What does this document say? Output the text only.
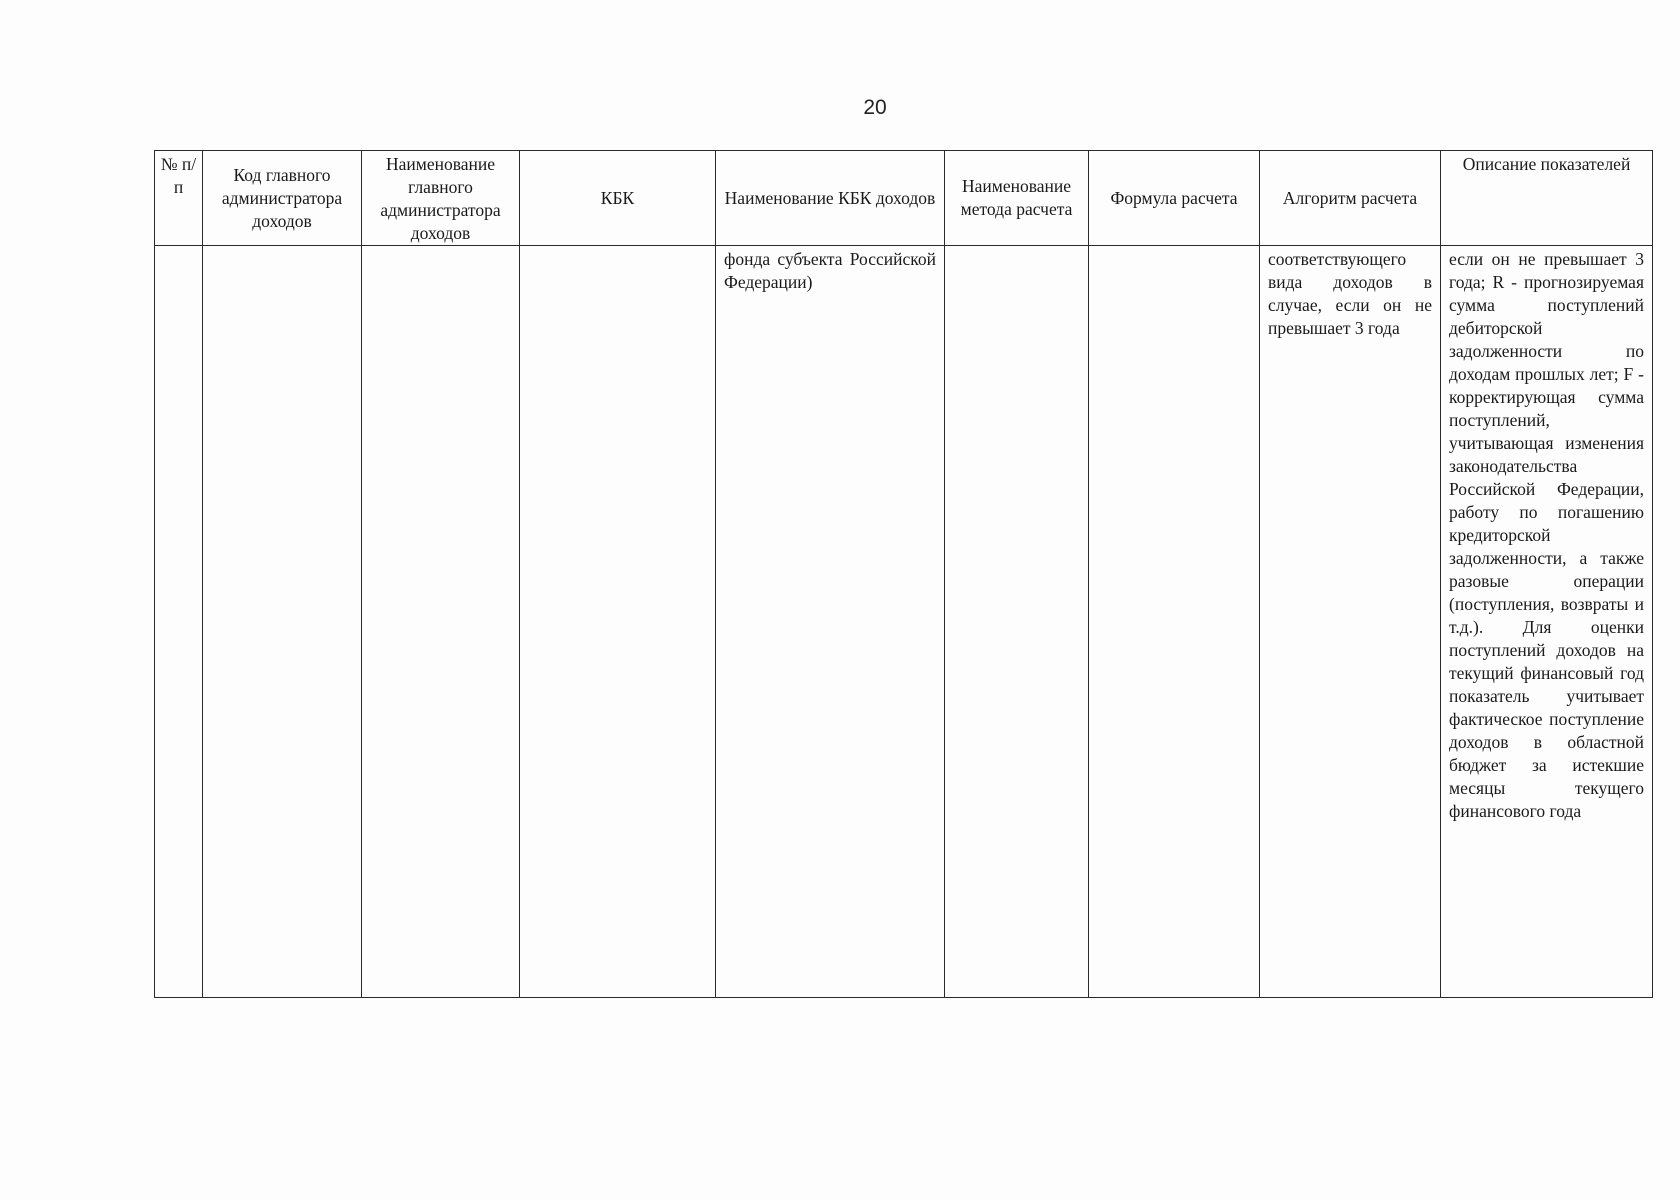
20
№ п/п	Код главного администратора доходов	Наименование главного администратора доходов	КБК	Наименование КБК доходов	Наименование метода расчета	Формула расчета	Алгоритм расчета	Описание показателей
				фонда субъекта Российской Федерации)			соответствующего вида доходов в случае, если он не превышает 3 года	если он не превышает 3 года; R - прогнозируемая сумма поступлений дебиторской задолженности по доходам прошлых лет; F - корректирующая сумма поступлений, учитывающая изменения законодательства Российской Федерации, работу по погашению кредиторской задолженности, а также разовые операции (поступления, возвраты и т.д.). Для оценки поступлений доходов на текущий финансовый год показатель учитывает фактическое поступление доходов в областной бюджет за истекшие месяцы текущего финансового года
